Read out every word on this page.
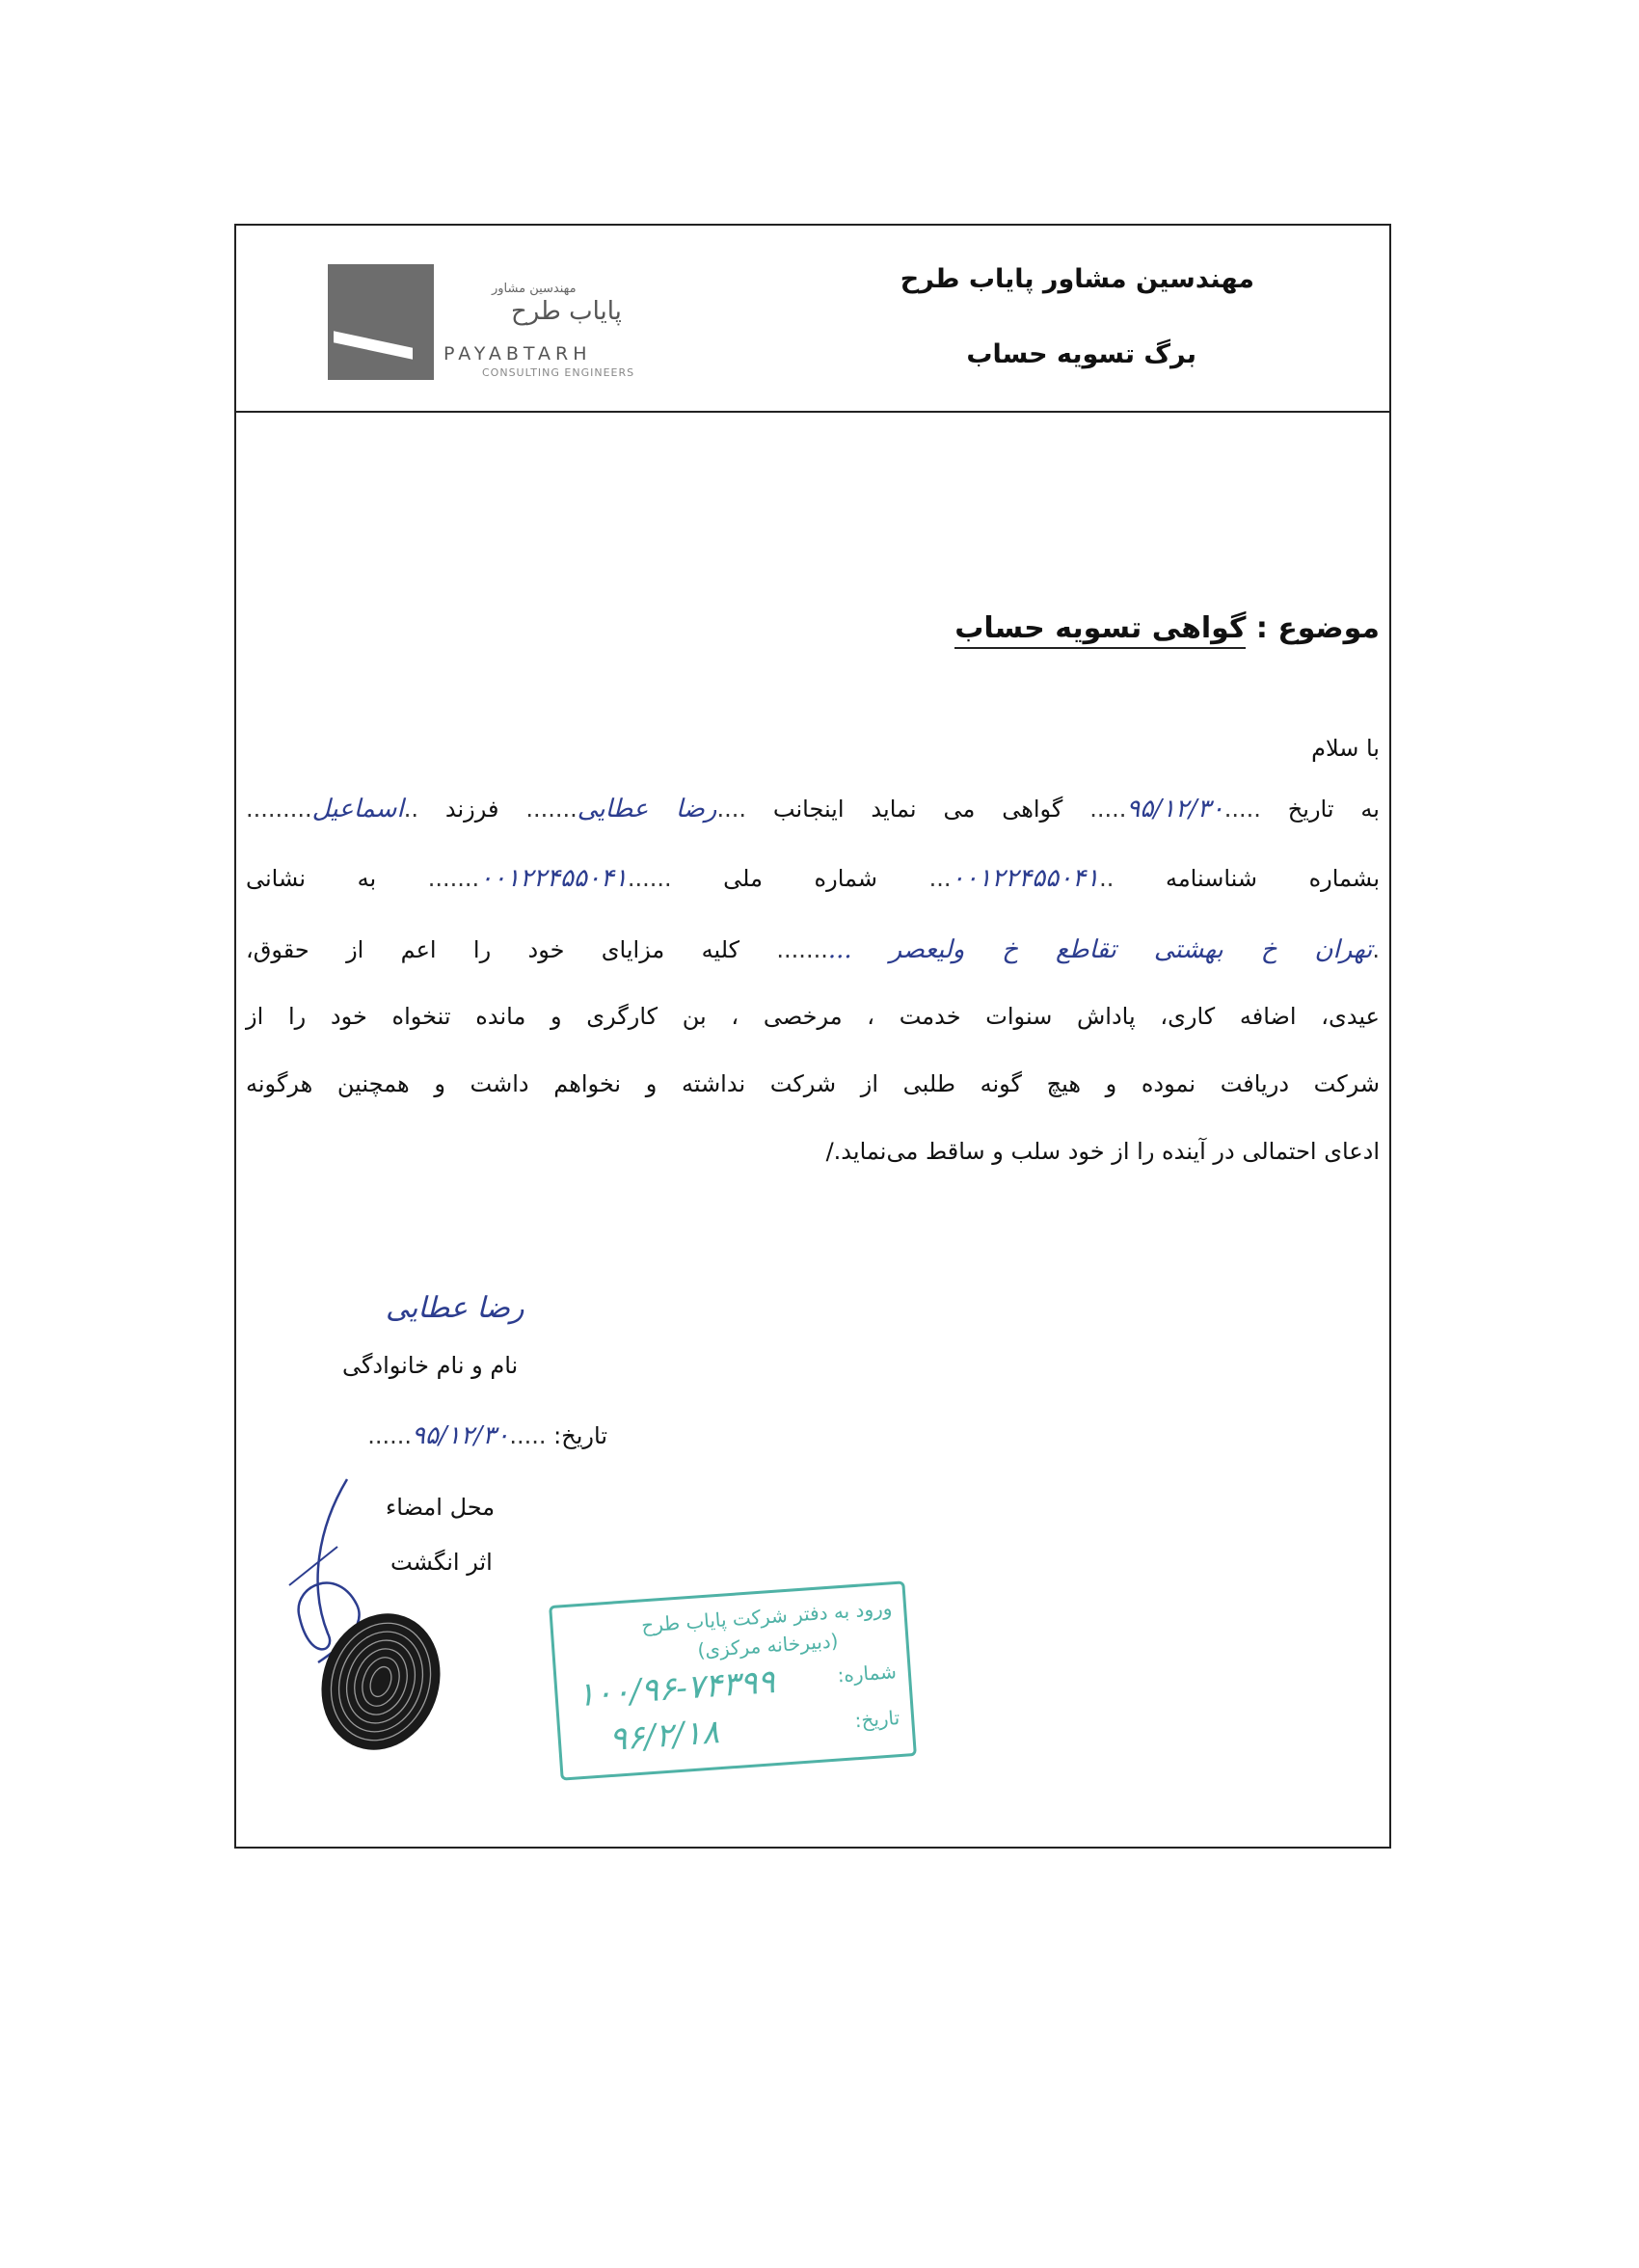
مهندسین مشاور
پایاب طرح
PAYABTARH
CONSULTING ENGINEERS
مهندسین مشاور پایاب طرح
برگ تسویه حساب
موضوع : گواهی تسویه حساب
با سلام
به تاریخ .....۹۵/۱۲/۳۰..... گواهی می نماید اینجانب ....رضا عطایی....... فرزند ..اسماعیل.........
بشماره شناسنامه ..۰۰۱۲۲۴۵۵۰۴۱... شماره ملی ......۰۰۱۲۲۴۵۵۰۴۱....... به نشانی
.تهران خ بهشتی تقاطع خ ولیعصر .......... کلیه مزایای خود را اعم از حقوق،
عیدی، اضافه کاری، پاداش سنوات خدمت ، مرخصی ، بن کارگری و مانده تنخواه خود را از
شرکت دریافت نموده و هیچ گونه طلبی از شرکت نداشته و نخواهم داشت و همچنین هرگونه
ادعای احتمالی در آینده را از خود سلب و ساقط می‌نماید./
رضا عطایی
نام و نام خانوادگی
تاریخ: .....۹۵/۱۲/۳۰......
محل امضاء
اثر انگشت
ورود به دفتر شرکت پایاب طرح
(دبیرخانه مرکزی)
شماره:
۱۰۰/۹۶-۷۴۳۹۹
تاریخ:
۹۶/۲/۱۸
